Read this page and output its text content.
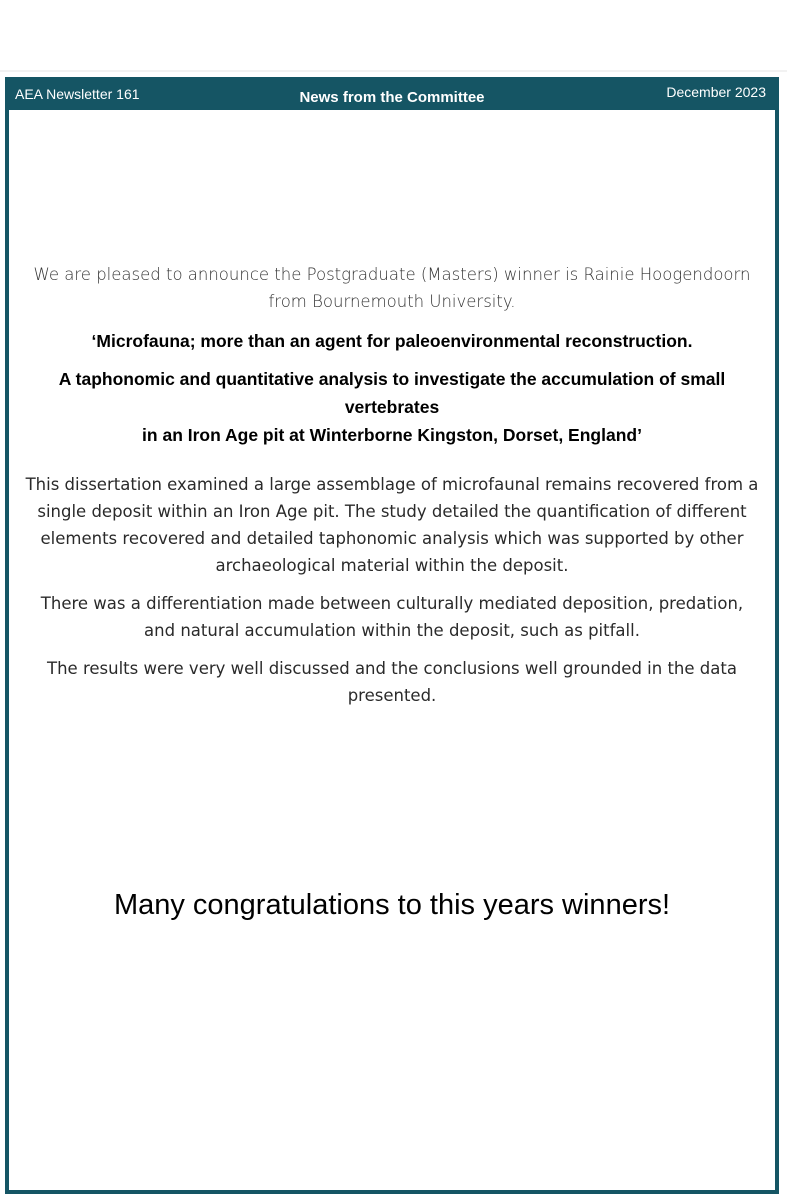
AEA Newsletter 161	News from the Committee	December 2023
We are pleased to announce the Postgraduate (Masters) winner is Rainie Hoogendoorn
from Bournemouth University.
‘Microfauna; more than an agent for paleoenvironmental reconstruction.
A taphonomic and quantitative analysis to investigate the accumulation of small vertebrates
in an Iron Age pit at Winterborne Kingston, Dorset, England’

This dissertation examined a large assemblage of microfaunal remains recovered from a single deposit within an Iron Age pit. The study detailed the quantification of different elements recovered and detailed taphonomic analysis which was supported by other archaeological material within the deposit.

There was a differentiation made between culturally mediated deposition, predation, and natural accumulation within the deposit, such as pitfall.

The results were very well discussed and the conclusions well grounded in the data presented.

Many congratulations to this years winners!
